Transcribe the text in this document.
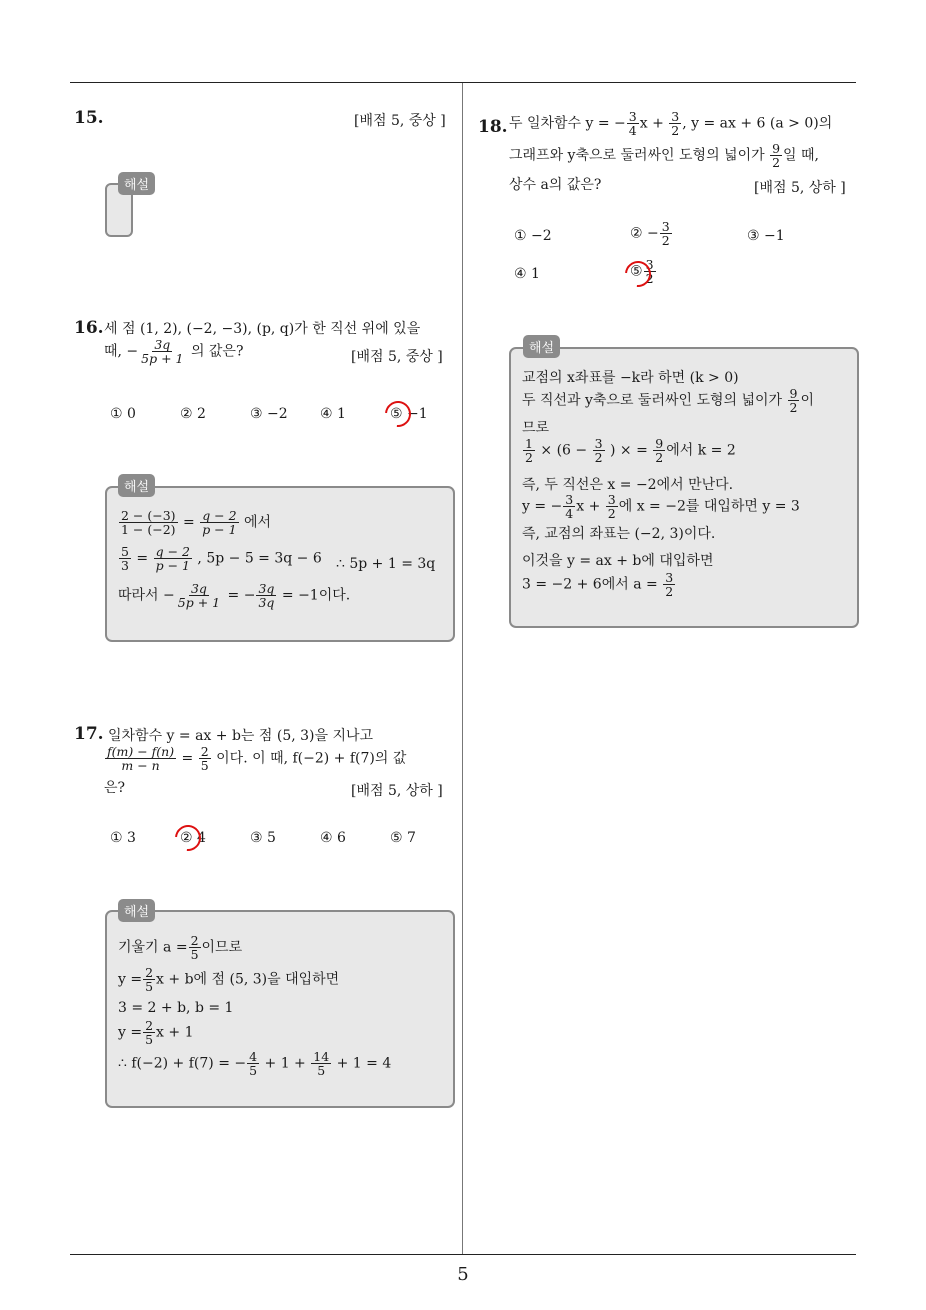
5
15.	[배점 5, 중상 ]
해설
16. 세 점 (1, 2), (−2, −3), (p, q)가 한 직선 위에 있을
때, − $\frac{3q}{5p + 1}$ 의 값은?	[배점 5, 중상 ]
① 0	② 2	③ −2 ④ 1	⑤ −1
해설
$\frac{2 - (-3)}{1 - (-2)} = \frac{q - 2}{p - 1}$ 에서
$\frac{5}{3} = \frac{q - 2}{p - 1}$ , 5p − 5 = 3q − 6 ∴ 5p + 1 = 3q
따라서 − $\frac{3q}{5p + 1}$ = − $\frac{3q}{3q} = -1$이다.
17. 일차함수 y = ax + b는 점 (5, 3)을 지나고
$\frac{f(m) - f(n)}{m - n} = \frac{2}{5}$ 이다. 이 때, f(−2) + f(7)의 값
은?	[배점 5, 상하 ]
① 3	② 4	③ 5	④ 6	⑤ 7
해설
기울기 $a = \frac{2}{5}$ 이므로
$y = \frac{2}{5}$ x + b에 점 (5, 3)을 대입하면
3 = 2 + b, b = 1
$y = \frac{2}{5}$ x + 1
∴ f(−2) + f(7) = − $\frac{4}{5} + 1 + \frac{14}{5} + 1 = 4$
18. 두 일차함수 y = − $\frac{3}{4}$ $x + \frac{3}{2}$ , y = ax + 6 (a > 0)의
그래프와 y축으로 둘러싸인 도형의 넓이가 $\frac{9}{2}$ 일 때,
상수 a의 값은?	[배점 5, 상하 ]
① −2	② − $\frac{3}{2}$	③ −1
④ 1	⑤ $\frac{3}{2}$
해설
교점의 x좌표를 −k라 하면 (k > 0)
두 직선과 y축으로 둘러싸인 도형의 넓이가 $\frac{9}{2}$ 이
므로
$\frac{1}{2} \times (6 - \frac{3}{2}$ ) × = $\frac{9}{2}$ 에서 k = 2
즉, 두 직선은 x = −2에서 만난다.
y = − $\frac{3}{4}$ $x + \frac{3}{2}$ 에 x = −2를 대입하면 y = 3
즉, 교점의 좌표는 (−2, 3)이다.
이것을 y = ax + b에 대입하면
3 = −2 + 6에서 $a = \frac{3}{2}$
